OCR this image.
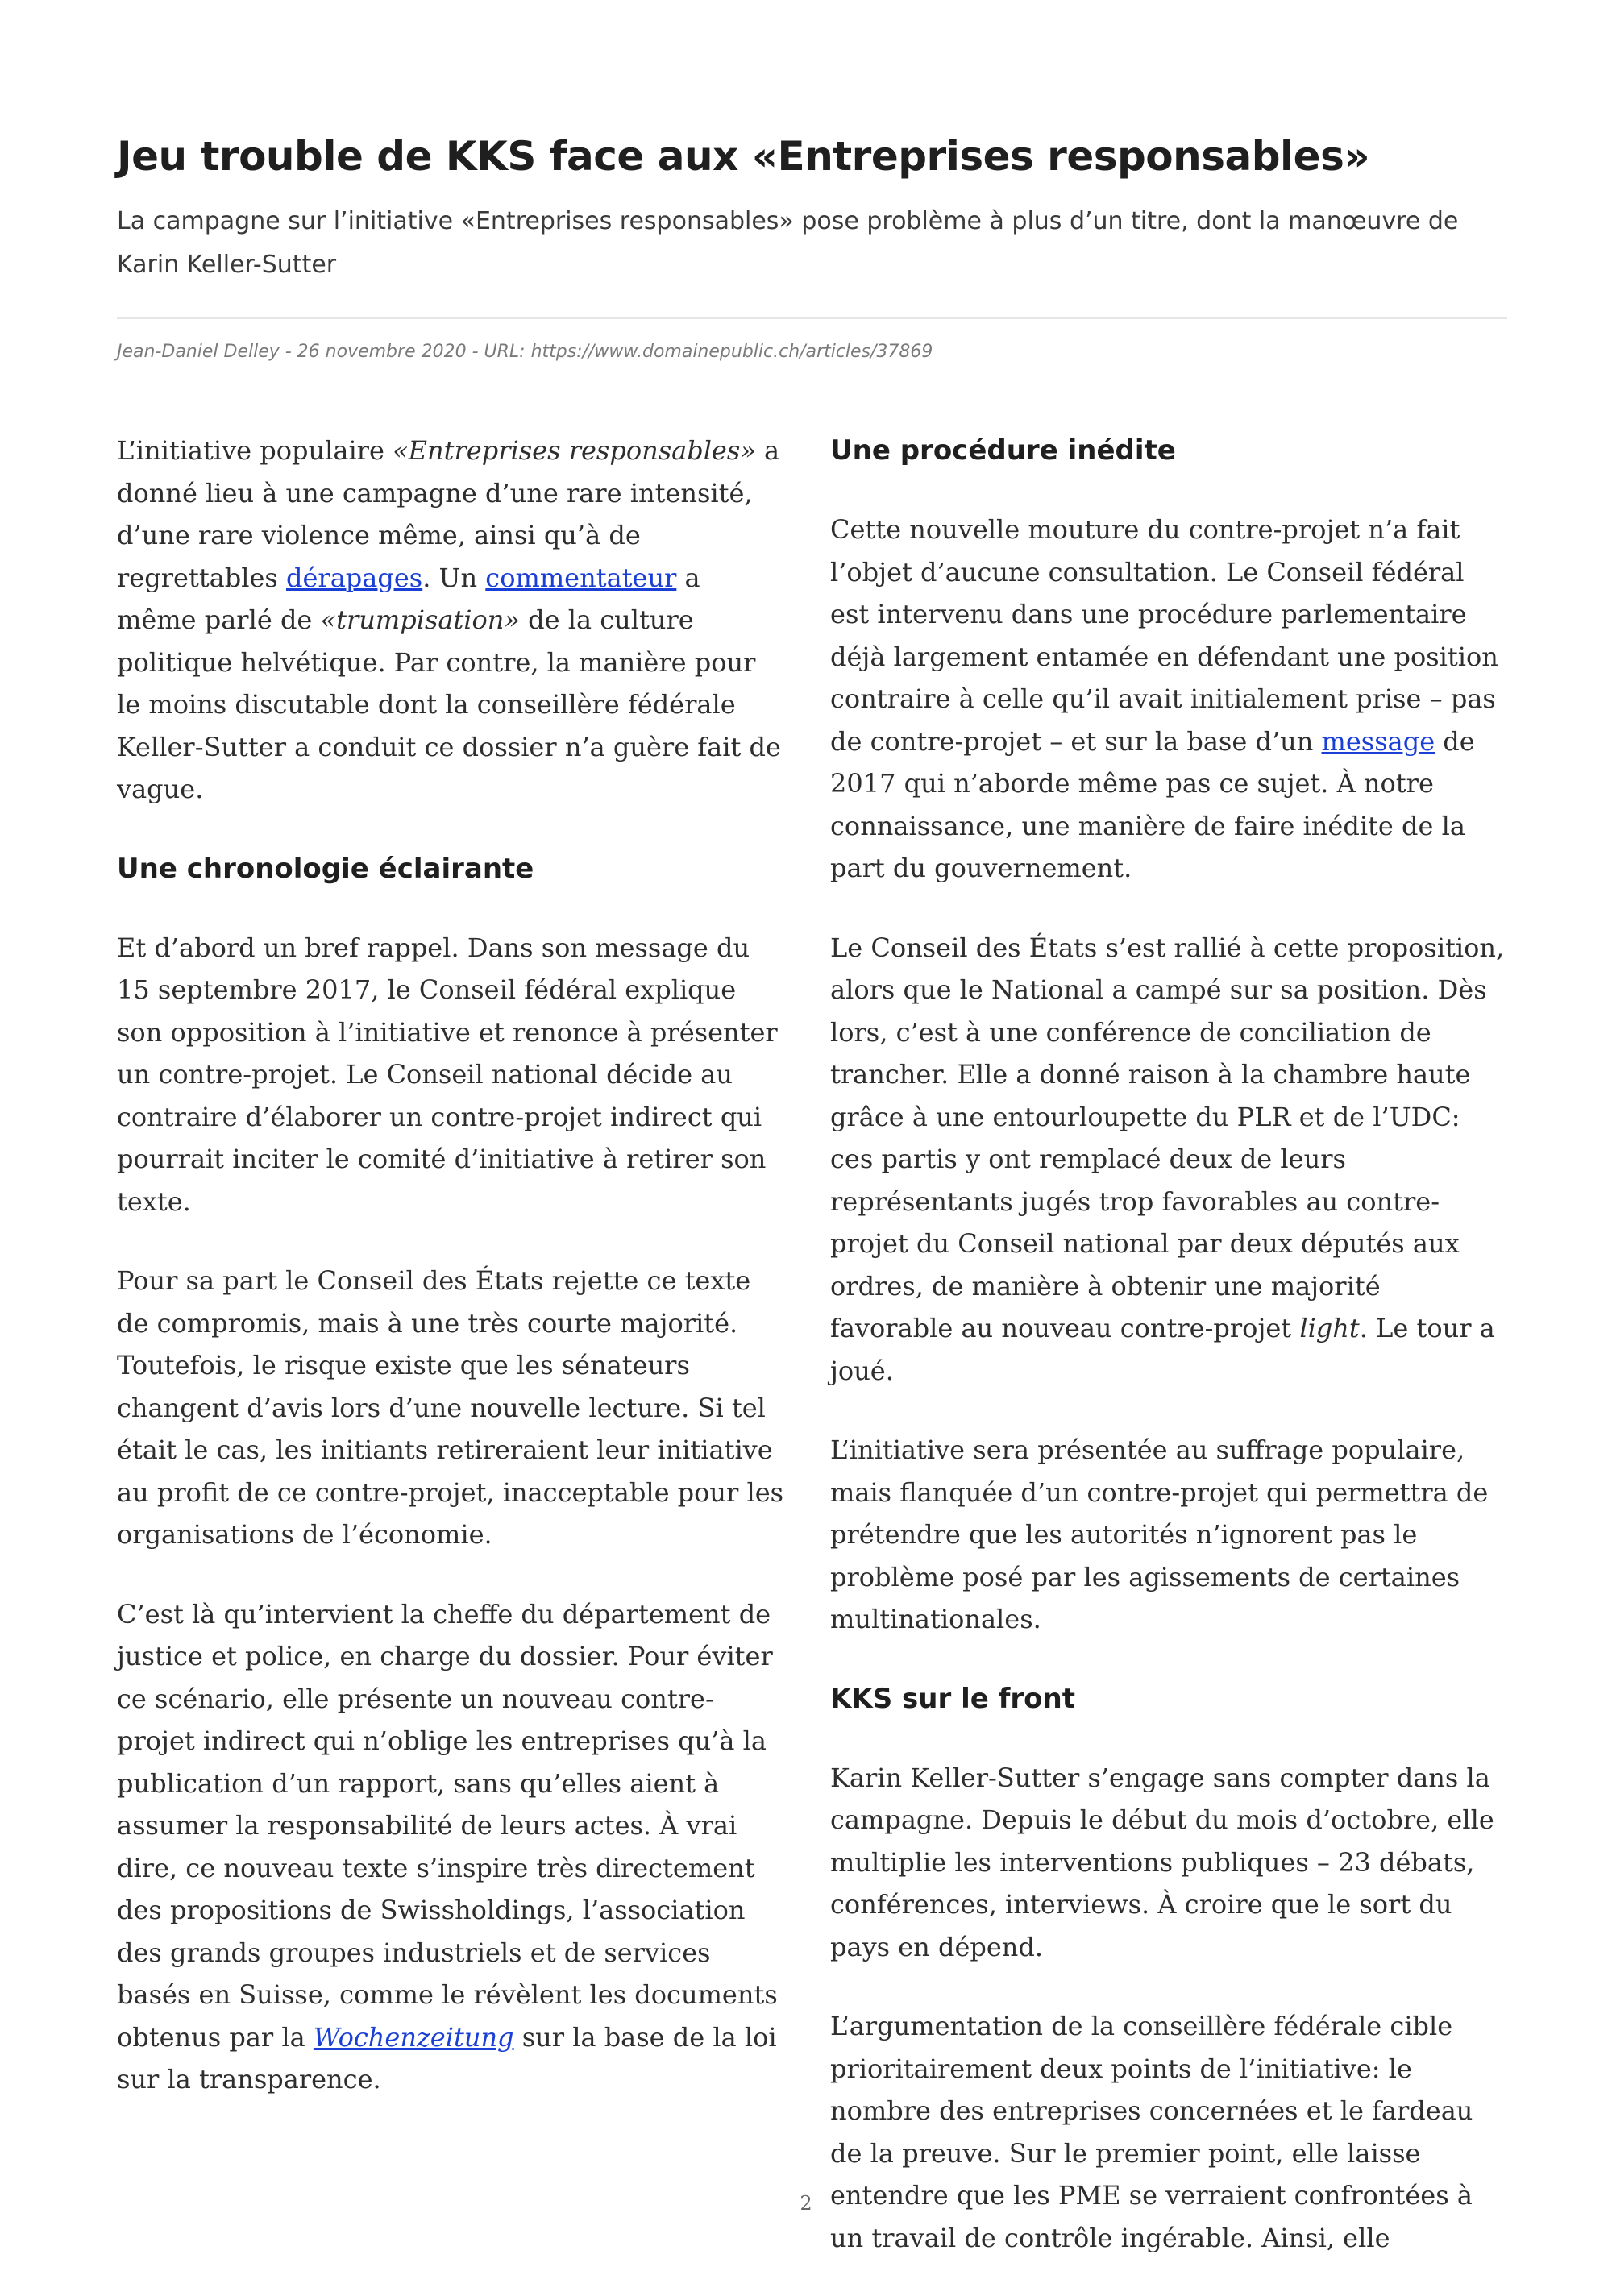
Jeu trouble de KKS face aux «Entreprises responsables»
La campagne sur l’initiative «Entreprises responsables» pose problème à plus d’un titre, dont la manœuvre de Karin Keller-Sutter
Jean-Daniel Delley - 26 novembre 2020 - URL: https://www.domainepublic.ch/articles/37869

L’initiative populaire «Entreprises responsables» a donné lieu à une campagne d’une rare intensité, d’une rare violence même, ainsi qu’à de regrettables dérapages. Un commentateur a même parlé de «trumpisation» de la culture politique helvétique. Par contre, la manière pour le moins discutable dont la conseillère fédérale Keller-Sutter a conduit ce dossier n’a guère fait de vague.

Une chronologie éclairante

Et d’abord un bref rappel. Dans son message du 15 septembre 2017, le Conseil fédéral explique son opposition à l’initiative et renonce à présenter un contre-projet. Le Conseil national décide au contraire d’élaborer un contre-projet indirect qui pourrait inciter le comité d’initiative à retirer son texte.

Pour sa part le Conseil des États rejette ce texte de compromis, mais à une très courte majorité. Toutefois, le risque existe que les sénateurs changent d’avis lors d’une nouvelle lecture. Si tel était le cas, les initiants retireraient leur initiative au profit de ce contre-projet, inacceptable pour les organisations de l’économie.

C’est là qu’intervient la cheffe du département de justice et police, en charge du dossier. Pour éviter ce scénario, elle présente un nouveau contre-projet indirect qui n’oblige les entreprises qu’à la publication d’un rapport, sans qu’elles aient à assumer la responsabilité de leurs actes. À vrai dire, ce nouveau texte s’inspire très directement des propositions de Swissholdings, l’association des grands groupes industriels et de services basés en Suisse, comme le révèlent les documents obtenus par la Wochenzeitung sur la base de la loi sur la transparence.

Une procédure inédite

Cette nouvelle mouture du contre-projet n’a fait l’objet d’aucune consultation. Le Conseil fédéral est intervenu dans une procédure parlementaire déjà largement entamée en défendant une position contraire à celle qu’il avait initialement prise – pas de contre-projet – et sur la base d’un message de 2017 qui n’aborde même pas ce sujet. À notre connaissance, une manière de faire inédite de la part du gouvernement.

Le Conseil des États s’est rallié à cette proposition, alors que le National a campé sur sa position. Dès lors, c’est à une conférence de conciliation de trancher. Elle a donné raison à la chambre haute grâce à une entourloupette du PLR et de l’UDC: ces partis y ont remplacé deux de leurs représentants jugés trop favorables au contre-projet du Conseil national par deux députés aux ordres, de manière à obtenir une majorité favorable au nouveau contre-projet light. Le tour a joué.

L’initiative sera présentée au suffrage populaire, mais flanquée d’un contre-projet qui permettra de prétendre que les autorités n’ignorent pas le problème posé par les agissements de certaines multinationales.

KKS sur le front

Karin Keller-Sutter s’engage sans compter dans la campagne. Depuis le début du mois d’octobre, elle multiplie les interventions publiques – 23 débats, conférences, interviews. À croire que le sort du pays en dépend.

L’argumentation de la conseillère fédérale cible prioritairement deux points de l’initiative: le nombre des entreprises concernées et le fardeau de la preuve. Sur le premier point, elle laisse entendre que les PME se verraient confrontées à un travail de contrôle ingérable. Ainsi, elle

2
